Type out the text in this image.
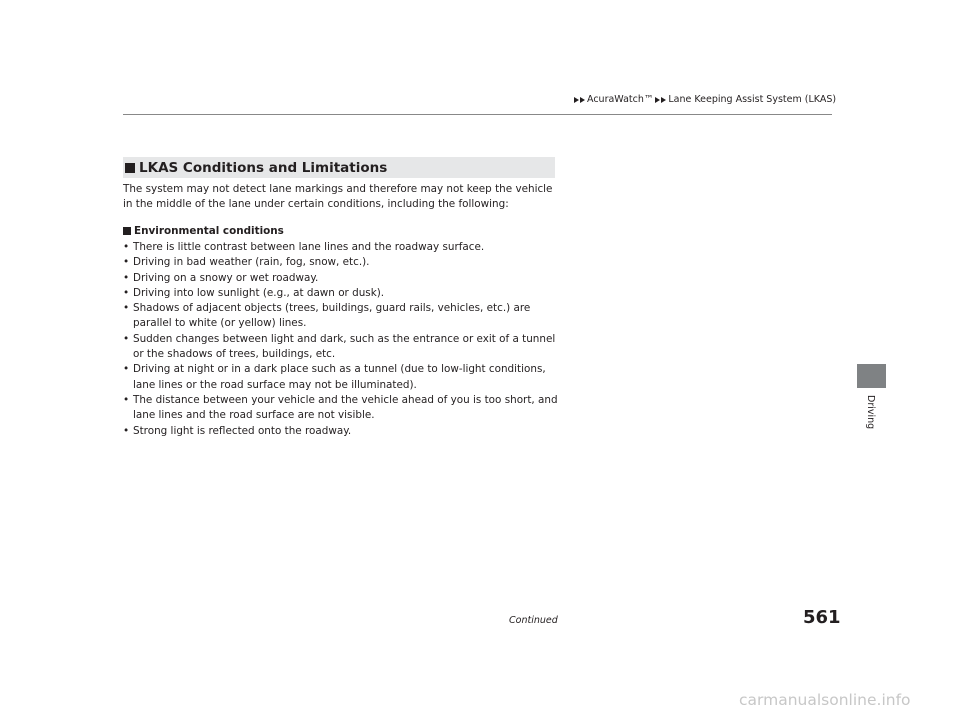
AcuraWatch™ Lane Keeping Assist System (LKAS)
LKAS Conditions and Limitations
The system may not detect lane markings and therefore may not keep the vehicle in the middle of the lane under certain conditions, including the following:
Environmental conditions
• There is little contrast between lane lines and the roadway surface.
• Driving in bad weather (rain, fog, snow, etc.).
• Driving on a snowy or wet roadway.
• Driving into low sunlight (e.g., at dawn or dusk).
• Shadows of adjacent objects (trees, buildings, guard rails, vehicles, etc.) are parallel to white (or yellow) lines.
• Sudden changes between light and dark, such as the entrance or exit of a tunnel or the shadows of trees, buildings, etc.
• Driving at night or in a dark place such as a tunnel (due to low-light conditions, lane lines or the road surface may not be illuminated).
• The distance between your vehicle and the vehicle ahead of you is too short, and lane lines and the road surface are not visible.
• Strong light is reflected onto the roadway.
Driving
Continued	561
carmanualsonline.info
